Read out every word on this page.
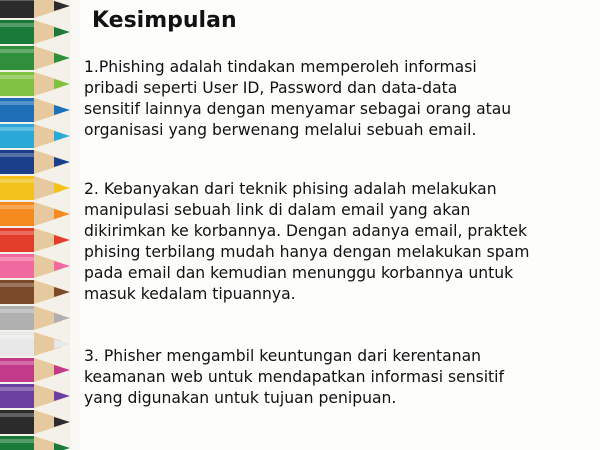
Kesimpulan
1.Phishing adalah tindakan memperoleh informasi
pribadi seperti User ID, Password dan data-data
sensitif lainnya dengan menyamar sebagai orang atau
organisasi yang berwenang melalui sebuah email.
2. Kebanyakan dari teknik phising adalah melakukan
manipulasi sebuah link di dalam email yang akan
dikirimkan ke korbannya. Dengan adanya email, praktek
phising terbilang mudah hanya dengan melakukan spam
pada email dan kemudian menunggu korbannya untuk
masuk kedalam tipuannya.
3. Phisher mengambil keuntungan dari kerentanan
keamanan web untuk mendapatkan informasi sensitif
yang digunakan untuk tujuan penipuan.
